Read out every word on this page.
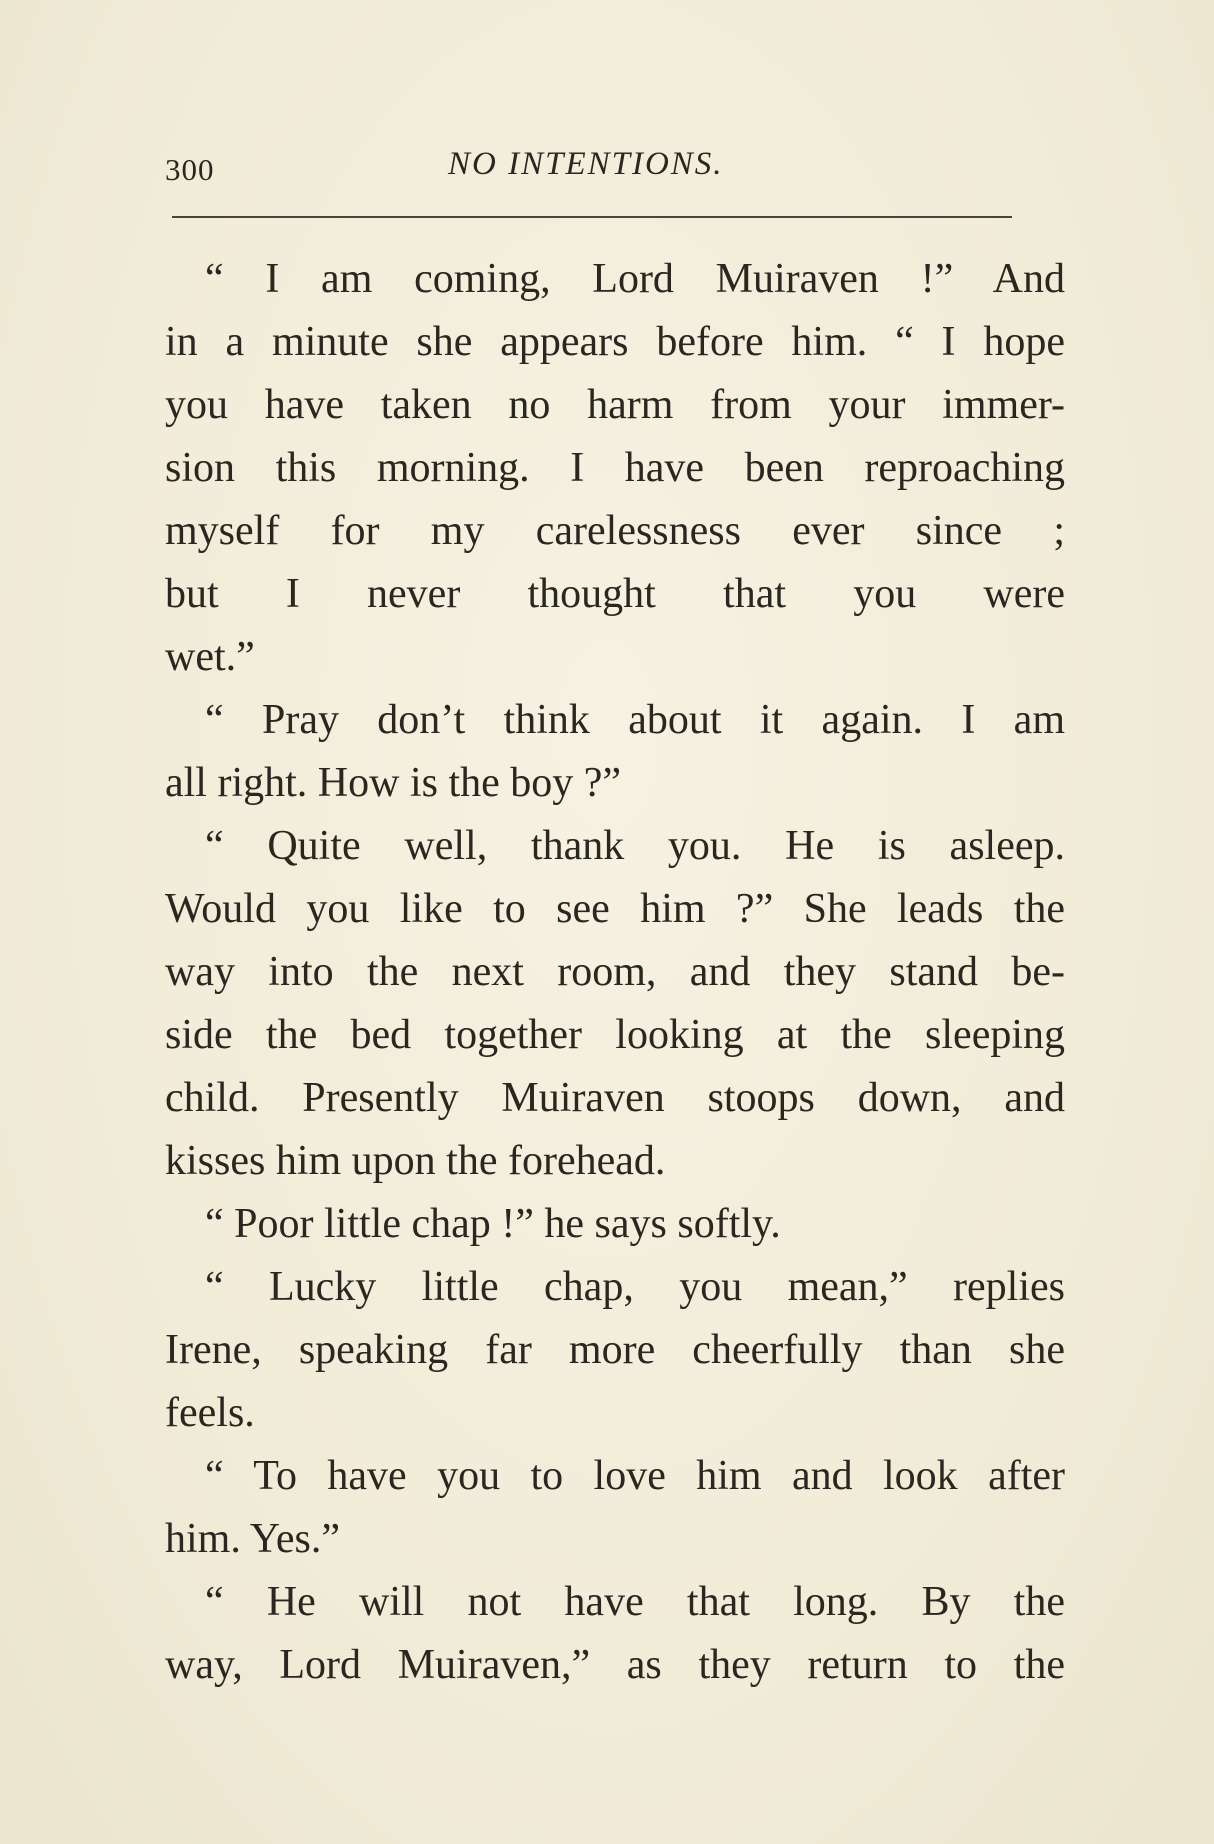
300	NO INTENTIONS.
“ I am coming, Lord Muiraven !” And
in a minute she appears before him. “ I hope
you have taken no harm from your immer-
sion this morning. I have been reproaching
myself for my carelessness ever since ;
but I never thought that you were
wet.”
“ Pray don’t think about it again. I am
all right. How is the boy ?”
“ Quite well, thank you. He is asleep.
Would you like to see him ?” She leads the
way into the next room, and they stand be-
side the bed together looking at the sleeping
child. Presently Muiraven stoops down, and
kisses him upon the forehead.
“ Poor little chap !” he says softly.
“ Lucky little chap, you mean,” replies
Irene, speaking far more cheerfully than she
feels.
“ To have you to love him and look after
him. Yes.”
“ He will not have that long. By the
way, Lord Muiraven,” as they return to the
